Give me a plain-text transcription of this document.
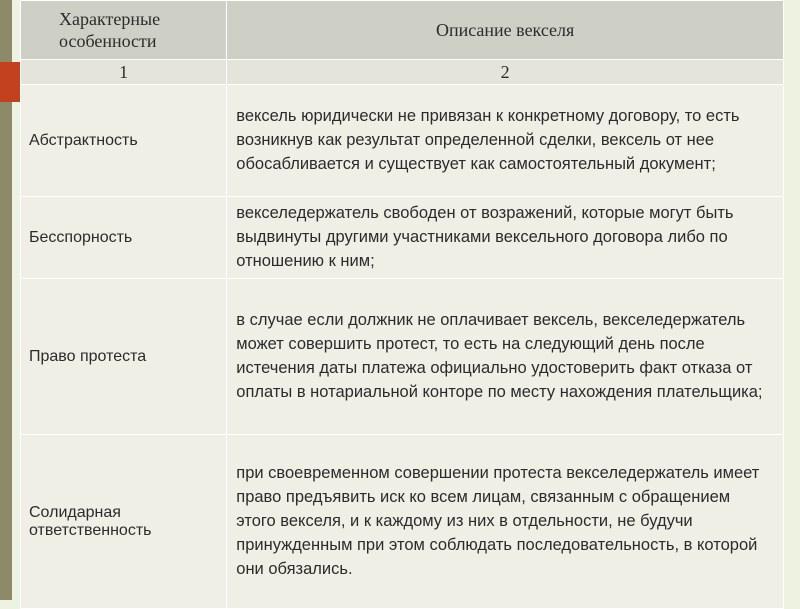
Характерные особенности	Описание векселя
1	2
Абстрактность	вексель юридически не привязан к конкретному договору, то есть возникнув как результат определенной сделки, вексель от нее обосабливается и существует как самостоятельный документ;
Бесспорность	векселедержатель свободен от возражений, которые могут быть выдвинуты другими участниками вексельного договора либо по отношению к ним;
Право протеста	в случае если должник не оплачивает вексель, векселедержатель может совершить протест, то есть на следующий день после истечения даты платежа официально удостоверить факт отказа от оплаты в нотариальной конторе по месту нахождения плательщика;
Солидарная ответственность	при своевременном совершении протеста векселедержатель имеет право предъявить иск ко всем лицам, связанным с обращением этого векселя, и к каждому из них в отдельности, не будучи принужденным при этом соблюдать последовательность, в которой они обязались.
